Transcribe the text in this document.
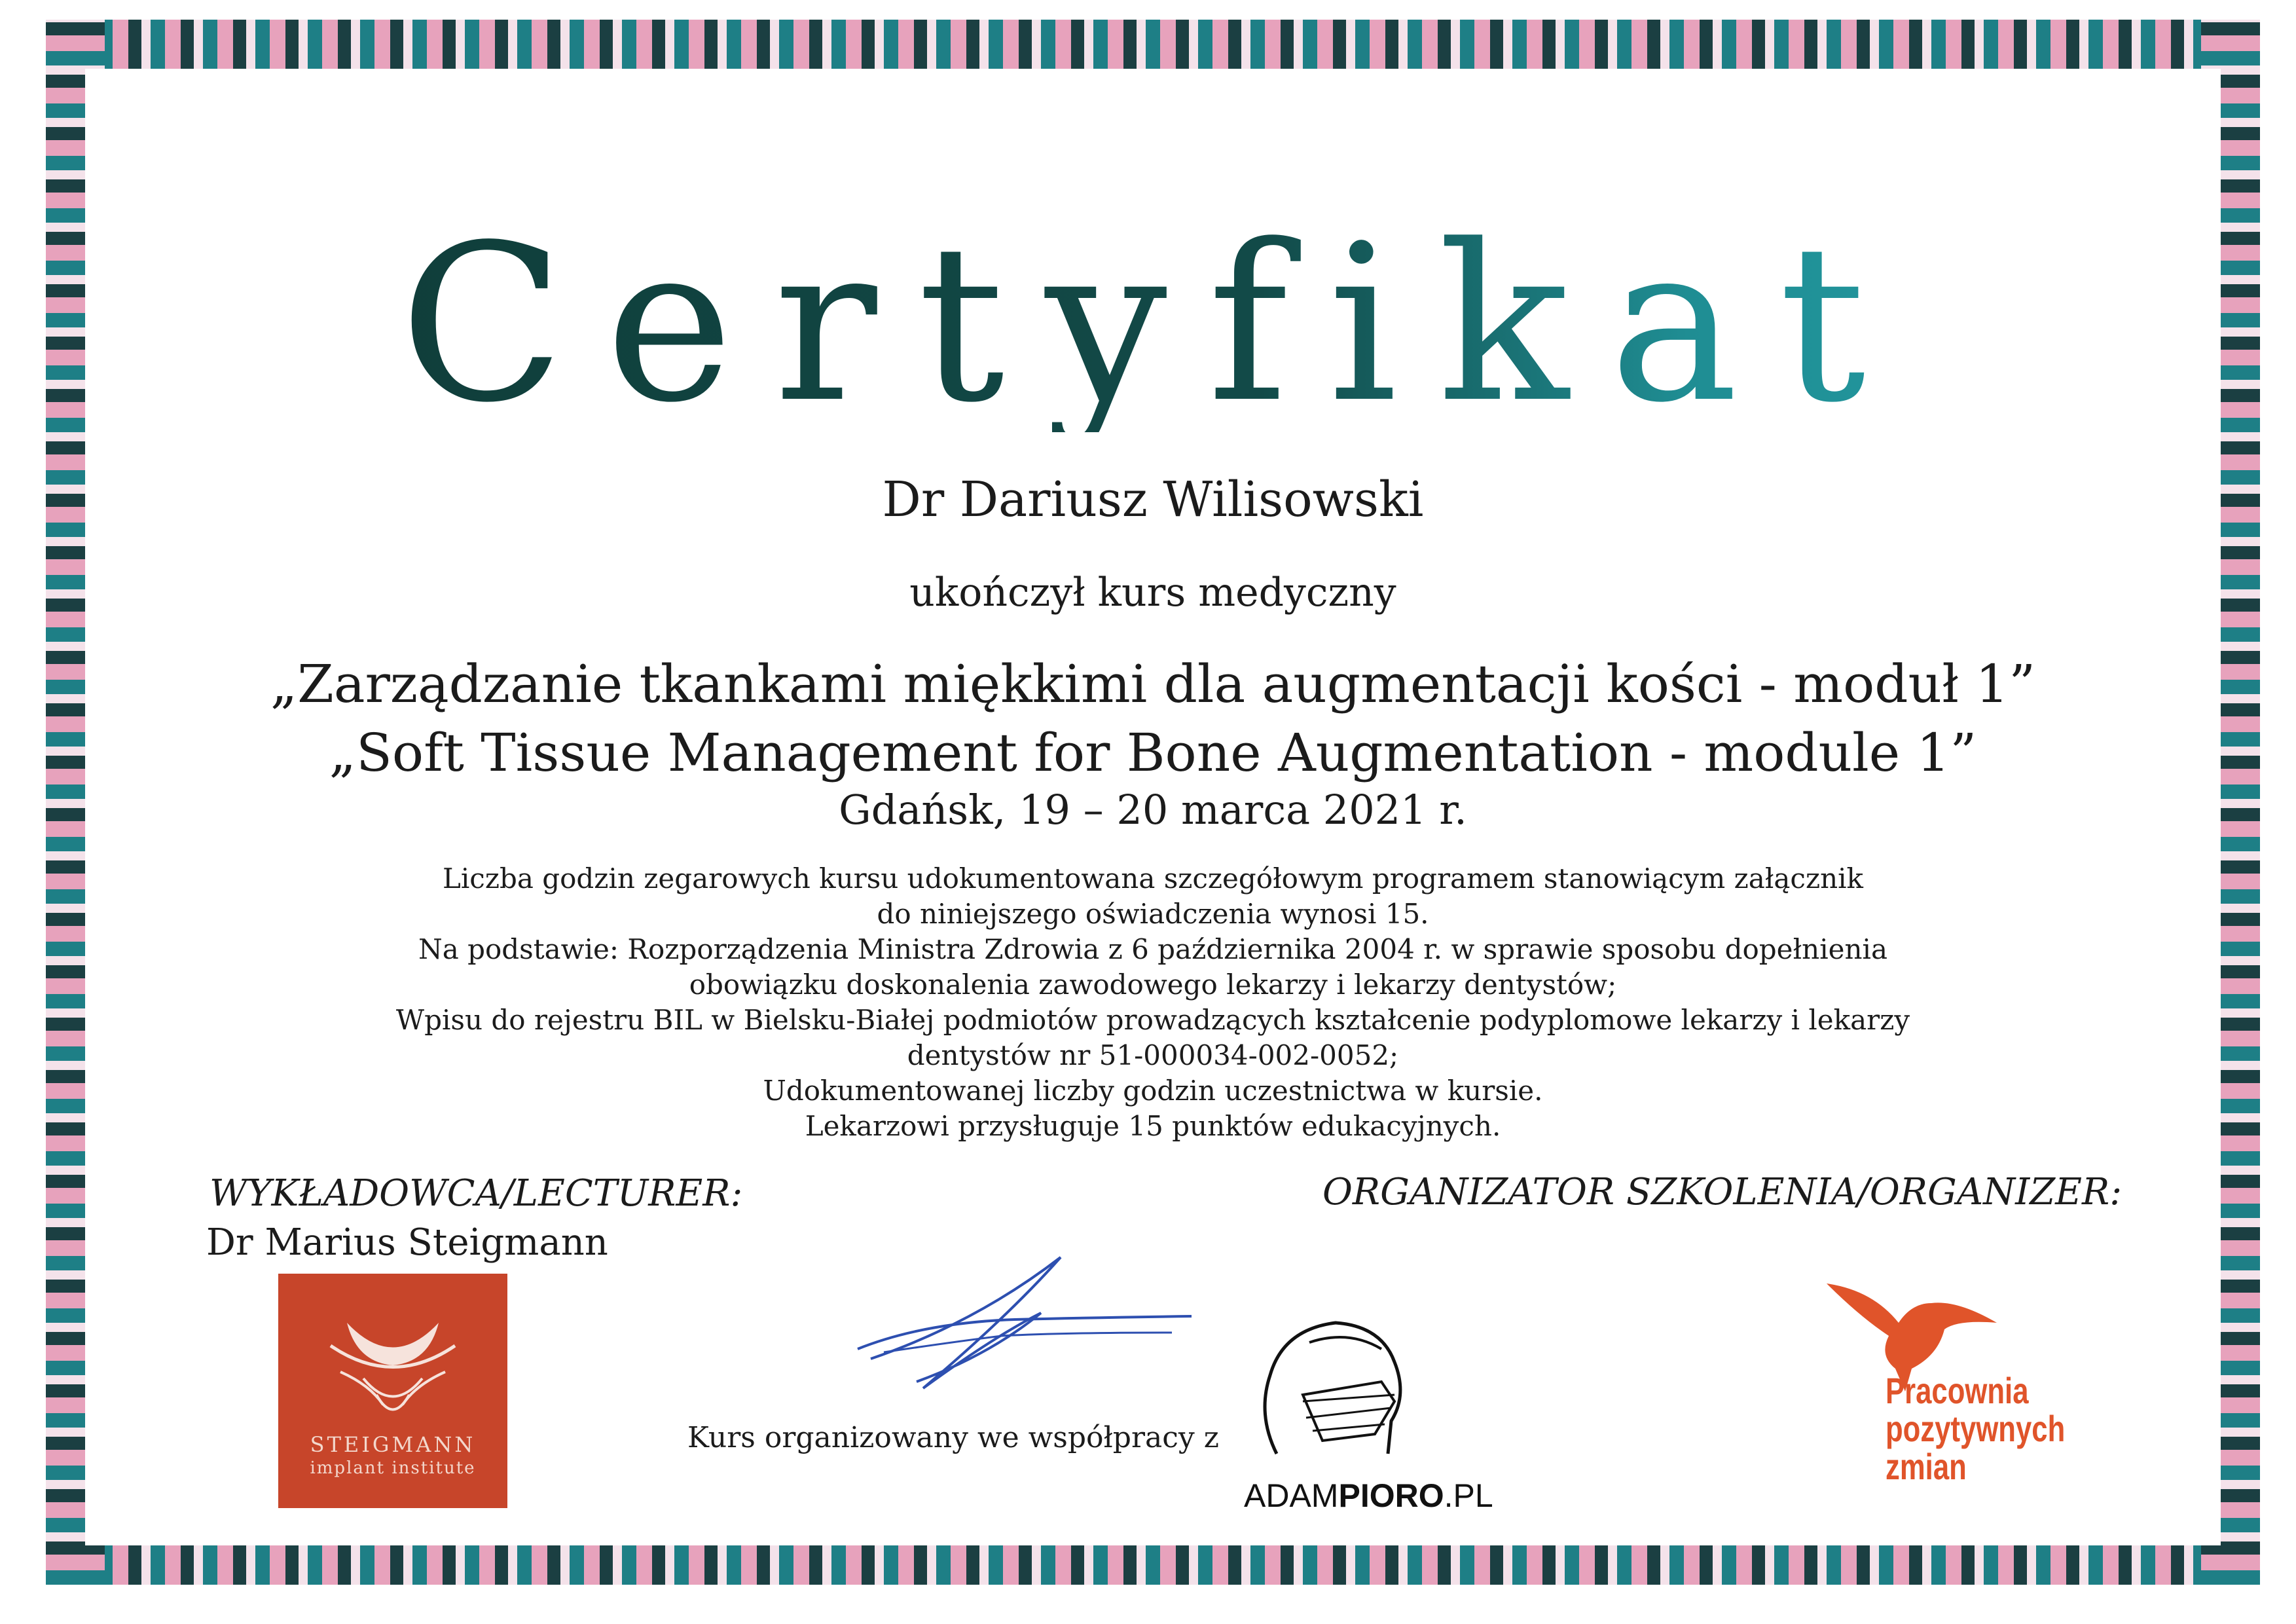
Certyfikat
Dr Dariusz Wilisowski
ukończył kurs medyczny
„Zarządzanie tkankami miękkimi dla augmentacji kości - moduł 1”
„Soft Tissue Management for Bone Augmentation - module 1”
Gdańsk, 19 – 20 marca 2021 r.
Liczba godzin zegarowych kursu udokumentowana szczegółowym programem stanowiącym załącznik
do niniejszego oświadczenia wynosi 15.
Na podstawie: Rozporządzenia Ministra Zdrowia z 6 października 2004 r. w sprawie sposobu dopełnienia
obowiązku doskonalenia zawodowego lekarzy i lekarzy dentystów;
Wpisu do rejestru BIL w Bielsku-Białej podmiotów prowadzących kształcenie podyplomowe lekarzy i lekarzy
dentystów nr 51-000034-002-0052;
Udokumentowanej liczby godzin uczestnictwa w kursie.
Lekarzowi przysługuje 15 punktów edukacyjnych.
WYKŁADOWCA/LECTURER:
Dr Marius Steigmann
ORGANIZATOR SZKOLENIA/ORGANIZER:
STEIGMANN
implant institute
Kurs organizowany we współpracy z
ADAMPIORO.PL
Pracownia
pozytywnych
zmian
